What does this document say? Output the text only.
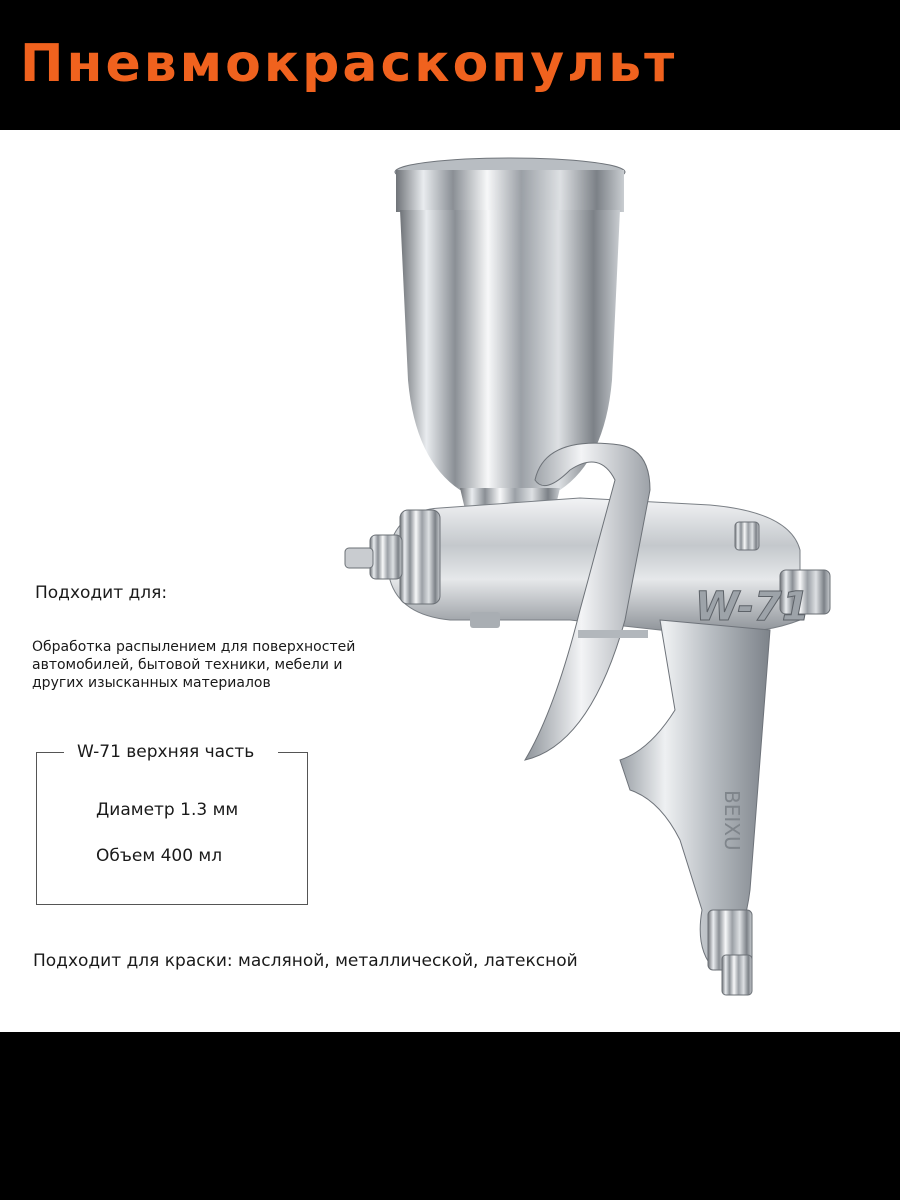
Пневмокраскопульт
W-71
BEIXU

Подходит для:

Обработка распылением для поверхностей автомобилей, бытовой техники, мебели и других изысканных материалов

W-71 верхняя часть

Диаметр 1.3 мм

Объем 400 мл

Подходит для краски: масляной, металлической, латексной
